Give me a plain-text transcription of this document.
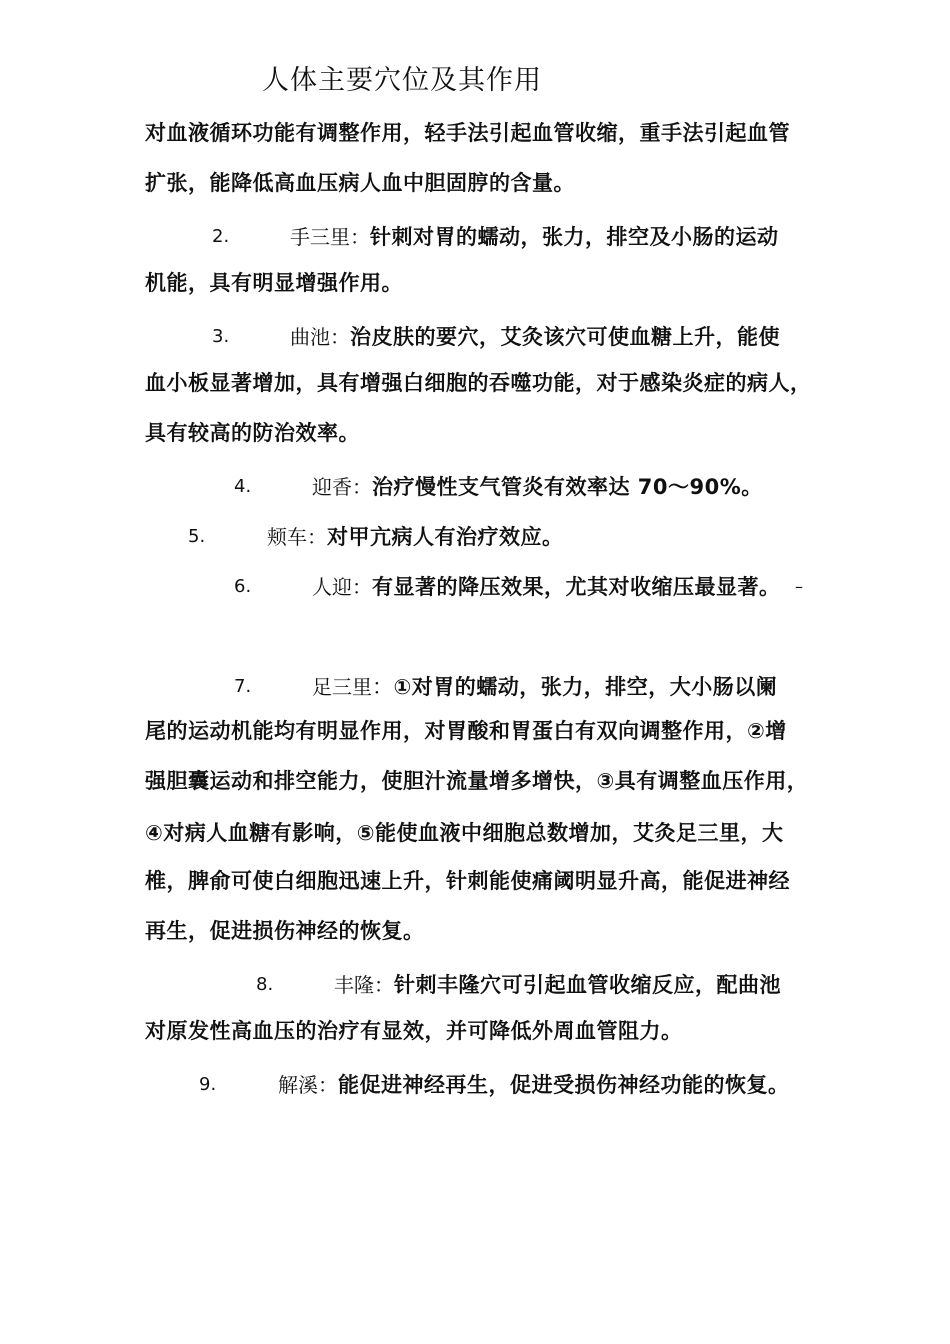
人体主要穴位及其作用
对血液循环功能有调整作用，轻手法引起血管收缩，重手法引起血管
扩张，能降低高血压病人血中胆固脝的含量。
2.	手三里：针刺对胃的蠕动，张力，排空及小肠的运动
机能，具有明显增强作用。
3.	曲池：治皮肤的要穴，艾灸该穴可使血糖上升，能使
血小板显著增加，具有增强白细胞的吞噬功能，对于感染炎症的病人，
具有较高的防治效率。
4.	迎香：治疗慢性支气管炎有效率达 70～90%。
5.	颊车：对甲亢病人有治疗效应。
6.	人迎：有显著的降压效果，尤其对收缩压最显著。 –
7.	足三里：①对胃的蠕动，张力，排空，大小肠以阑
尾的运动机能均有明显作用，对胃酸和胃蛋白有双向调整作用，②增
强胆囊运动和排空能力，使胆汁流量增多增快，③具有调整血压作用，
④对病人血糖有影响，⑤能使血液中细胞总数增加，艾灸足三里，大
椎，脾俞可使白细胞迅速上升，针刺能使痛阈明显升高，能促进神经
再生，促进损伤神经的恢复。
8.	丰隆：针刺丰隆穴可引起血管收缩反应，配曲池
对原发性高血压的治疗有显效，并可降低外周血管阻力。
9.	解溪：能促进神经再生，促进受损伤神经功能的恢复。
